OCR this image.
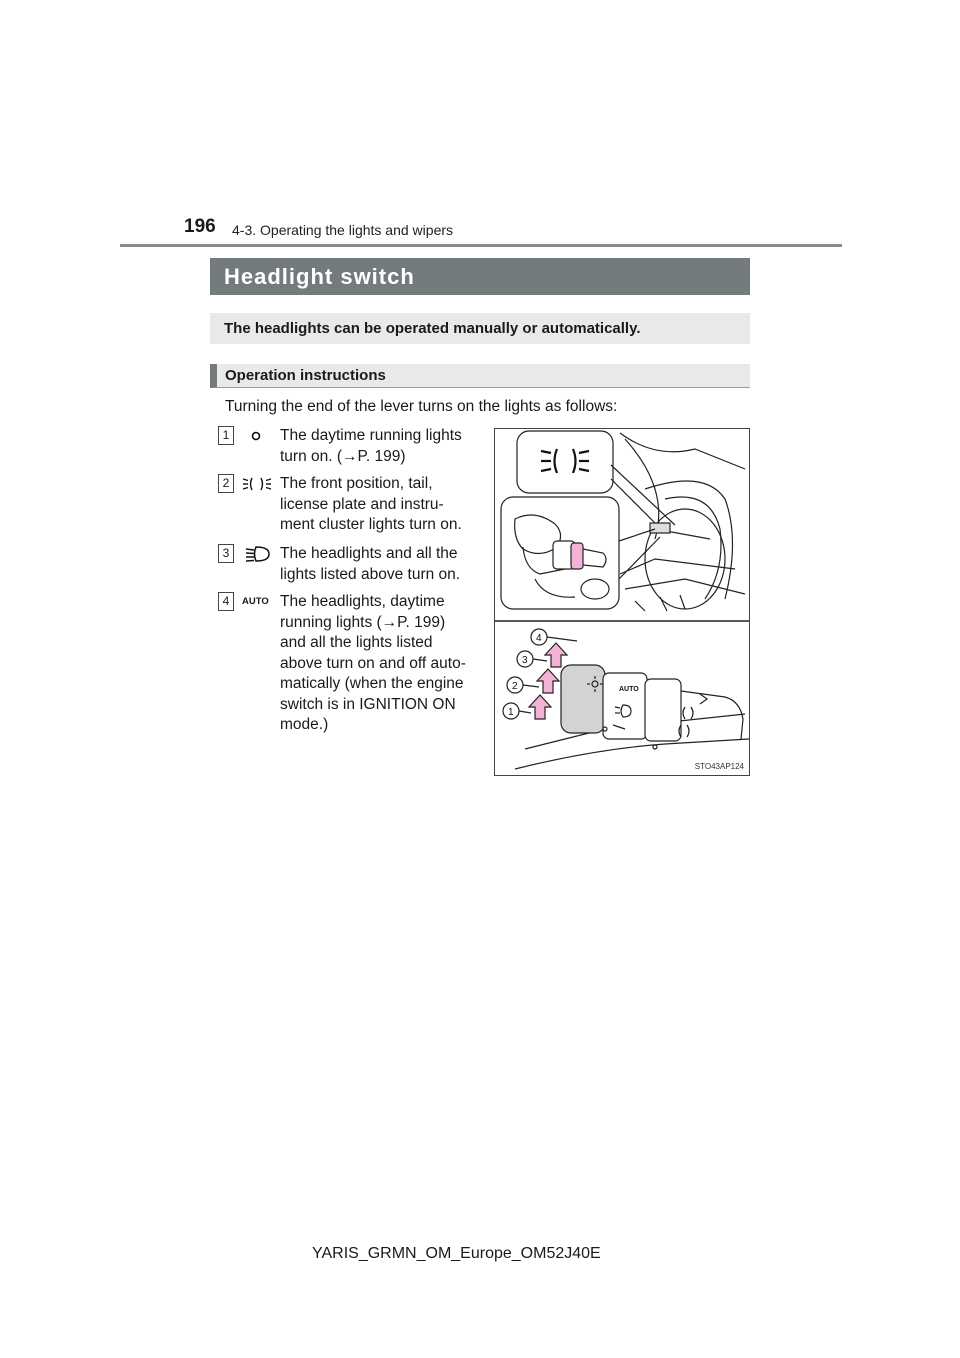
196 4-3. Operating the lights and wipers
Headlight switch
The headlights can be operated manually or automatically.
Operation instructions
Turning the end of the lever turns on the lights as follows:
1	The daytime running lights
turn on. (→P. 199)
2	The front position, tail,
license plate and instru-
ment cluster lights turn on.
3	The headlights and all the
lights listed above turn on.
4	AUTO The headlights, daytime
running lights (→P. 199)
and all the lights listed
above turn on and off auto-
matically (when the engine
switch is in IGNITION ON
mode.)
1
2
3
4
AUTO
STO43AP124
YARIS_GRMN_OM_Europe_OM52J40E
